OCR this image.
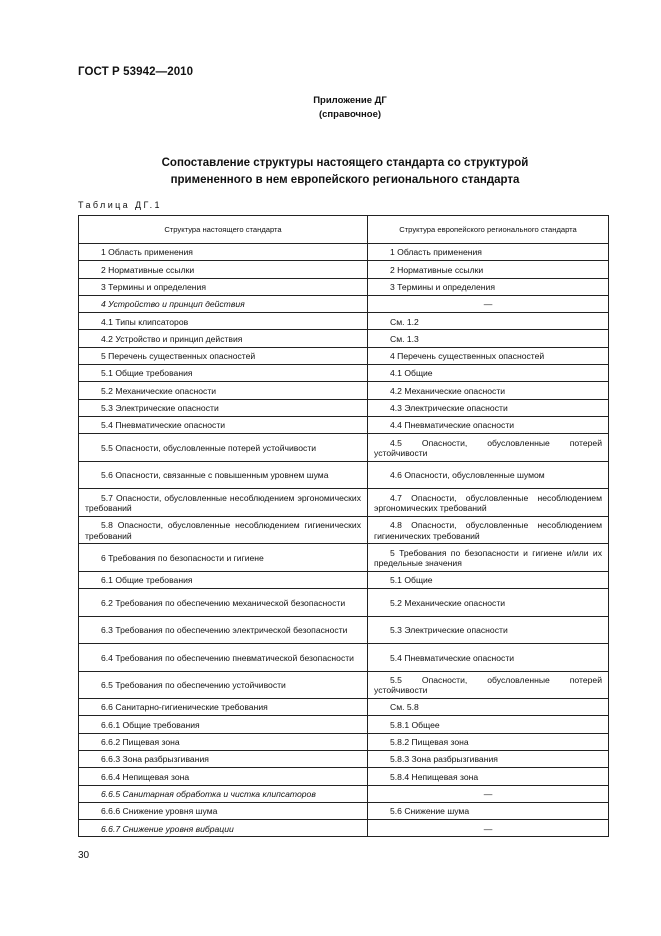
ГОСТ Р 53942—2010
Приложение ДГ
(справочное)
Сопоставление структуры настоящего стандарта со структурой
примененного в нем европейского регионального стандарта
Таблица ДГ.1
Структура настоящего стандарта	Структура европейского регионального стандарта

1 Область применения	1 Область применения

2 Нормативные ссылки	2 Нормативные ссылки

3 Термины и определения	3 Термины и определения

4 Устройство и принцип действия	—

4.1 Типы клипсаторов	См. 1.2

4.2 Устройство и принцип действия	См. 1.3

5 Перечень существенных опасностей	4 Перечень существенных опасностей

5.1 Общие требования	4.1 Общие

5.2 Механические опасности	4.2 Механические опасности

5.3 Электрические опасности	4.3 Электрические опасности

5.4 Пневматические опасности	4.4 Пневматические опасности

5.5 Опасности, обусловленные потерей устойчивости	4.5 Опасности, обусловленные потерей устойчивости

5.6 Опасности, связанные с повышенным уровнем шума	4.6 Опасности, обусловленные шумом

5.7 Опасности, обусловленные несоблюдением эргономических требований	4.7 Опасности, обусловленные несоблюдением эргономических требований

5.8 Опасности, обусловленные несоблюдением гигиенических требований	4.8 Опасности, обусловленные несоблюдением гигиенических требований

6 Требования по безопасности и гигиене	5 Требования по безопасности и гигиене и/или их предельные значения

6.1 Общие требования	5.1 Общие

6.2 Требования по обеспечению механической безопасности	5.2 Механические опасности

6.3 Требования по обеспечению электрической безопасности	5.3 Электрические опасности

6.4 Требования по обеспечению пневматической безопасности	5.4 Пневматические опасности

6.5 Требования по обеспечению устойчивости	5.5 Опасности, обусловленные потерей устойчивости

6.6 Санитарно-гигиенические требования	См. 5.8

6.6.1 Общие требования	5.8.1 Общее

6.6.2 Пищевая зона	5.8.2 Пищевая зона

6.6.3 Зона разбрызгивания	5.8.3 Зона разбрызгивания

6.6.4 Непищевая зона	5.8.4 Непищевая зона

6.6.5 Санитарная обработка и чистка клипсаторов	—

6.6.6 Снижение уровня шума	5.6 Снижение шума

6.6.7 Снижение уровня вибрации	—
30
